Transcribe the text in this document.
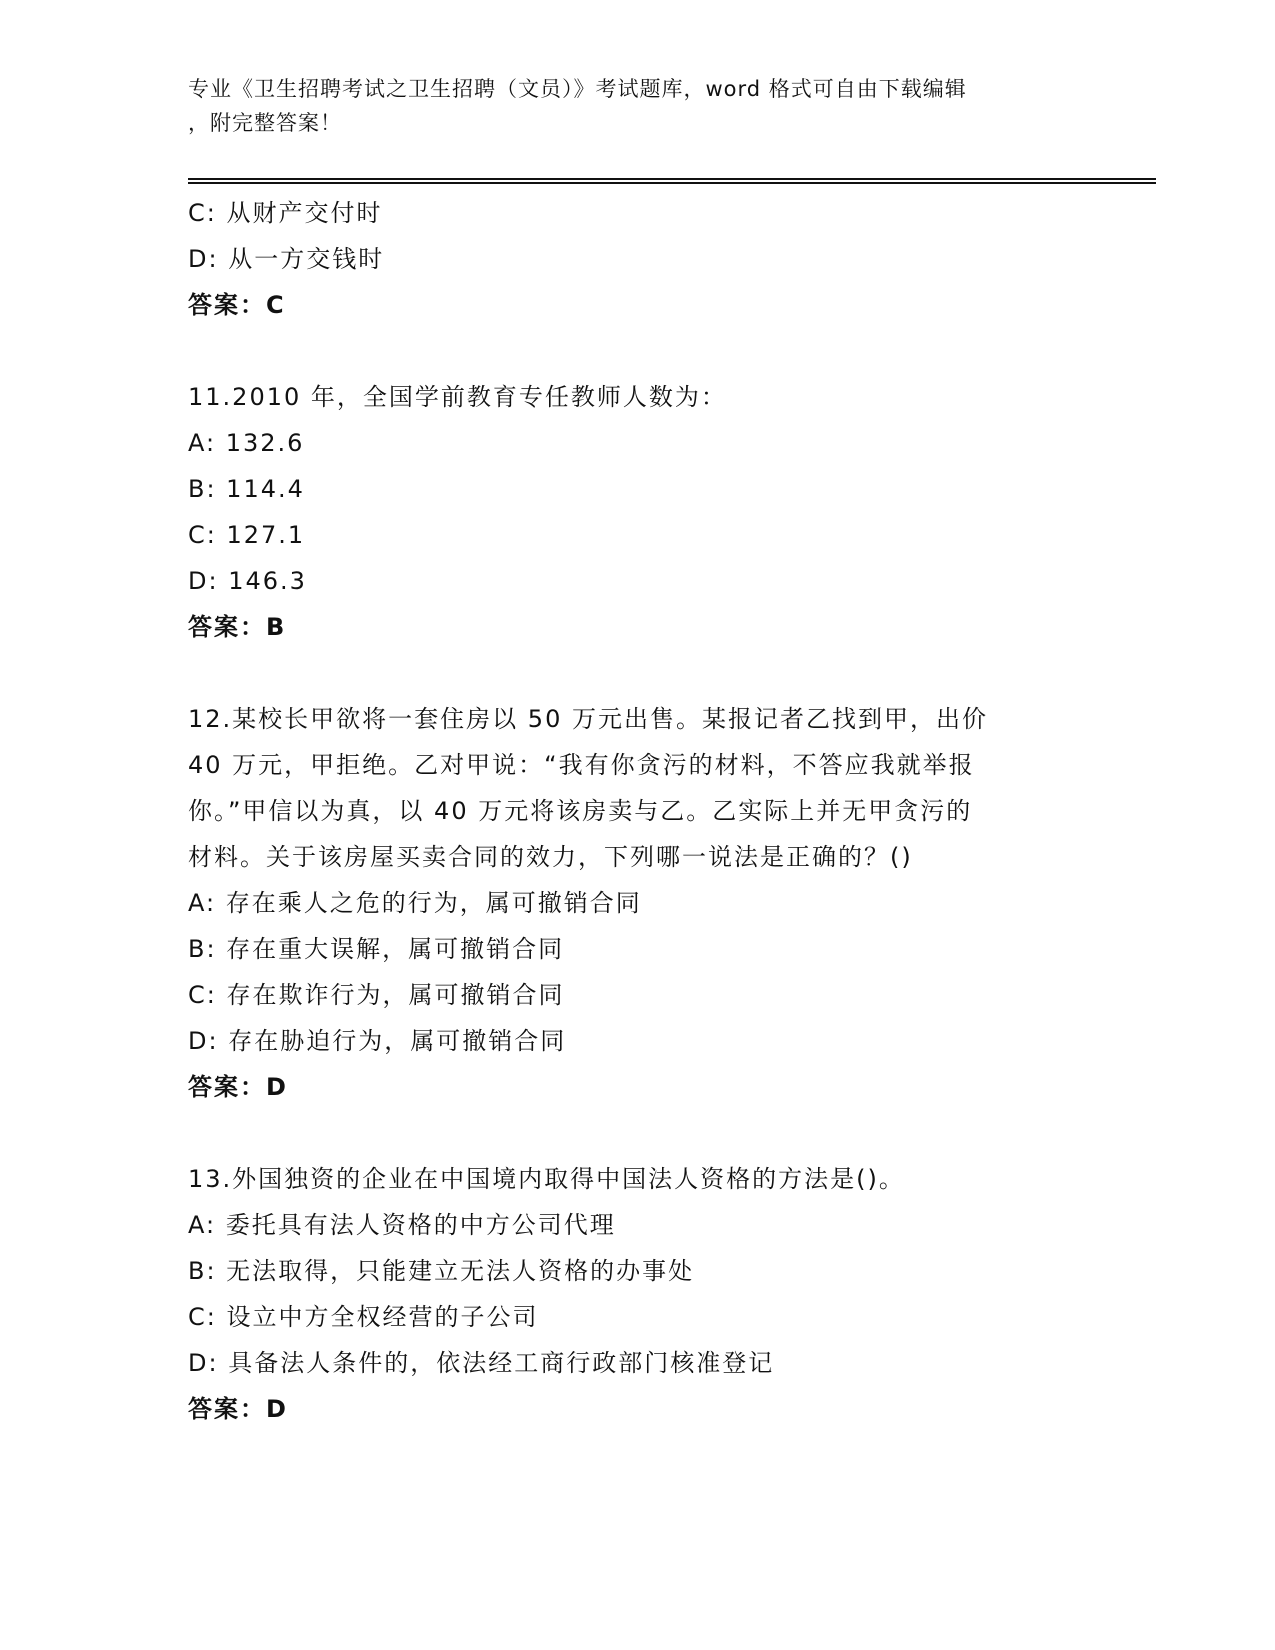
专业《卫生招聘考试之卫生招聘（文员）》考试题库，word 格式可自由下载编辑
，附完整答案！
C: 从财产交付时
D: 从一方交钱时
答案：C
11.2010 年，全国学前教育专任教师人数为：
A: 132.6
B: 114.4
C: 127.1
D: 146.3
答案：B
12.某校长甲欲将一套住房以 50 万元出售。某报记者乙找到甲，出价
40 万元，甲拒绝。乙对甲说：“我有你贪污的材料，不答应我就举报
你。”甲信以为真，以 40 万元将该房卖与乙。乙实际上并无甲贪污的
材料。关于该房屋买卖合同的效力，下列哪一说法是正确的？()
A: 存在乘人之危的行为，属可撤销合同
B: 存在重大误解，属可撤销合同
C: 存在欺诈行为，属可撤销合同
D: 存在胁迫行为，属可撤销合同
答案：D
13.外国独资的企业在中国境内取得中国法人资格的方法是()。
A: 委托具有法人资格的中方公司代理
B: 无法取得，只能建立无法人资格的办事处
C: 设立中方全权经营的子公司
D: 具备法人条件的，依法经工商行政部门核准登记
答案：D
